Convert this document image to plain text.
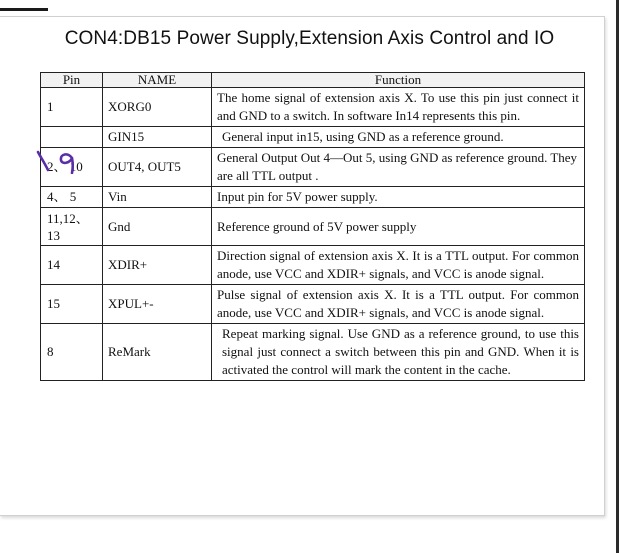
CON4:DB15 Power Supply,Extension Axis Control and IO
Pin	NAME	Function
1	XORG0	The home signal of extension axis X. To use this pin just connect it and GND to a switch. In software In14 represents this pin.
	GIN15	General input in15, using GND as a reference ground.
2、 10	OUT4, OUT5	General Output Out 4—Out 5, using GND as reference ground. They are all TTL output .
4、 5	Vin	Input pin for 5V power supply.
11,12、 13	Gnd	Reference ground of 5V power supply
14	XDIR+	Direction signal of extension axis X. It is a TTL output. For common anode, use VCC and XDIR+ signals, and VCC is anode signal.
15	XPUL+-	Pulse signal of extension axis X. It is a TTL output. For common anode, use VCC and XDIR+ signals, and VCC is anode signal.
8	ReMark	Repeat marking signal. Use GND as a reference ground, to use this signal just connect a switch between this pin and GND. When it is activated the control will mark the content in the cache.
١٩
